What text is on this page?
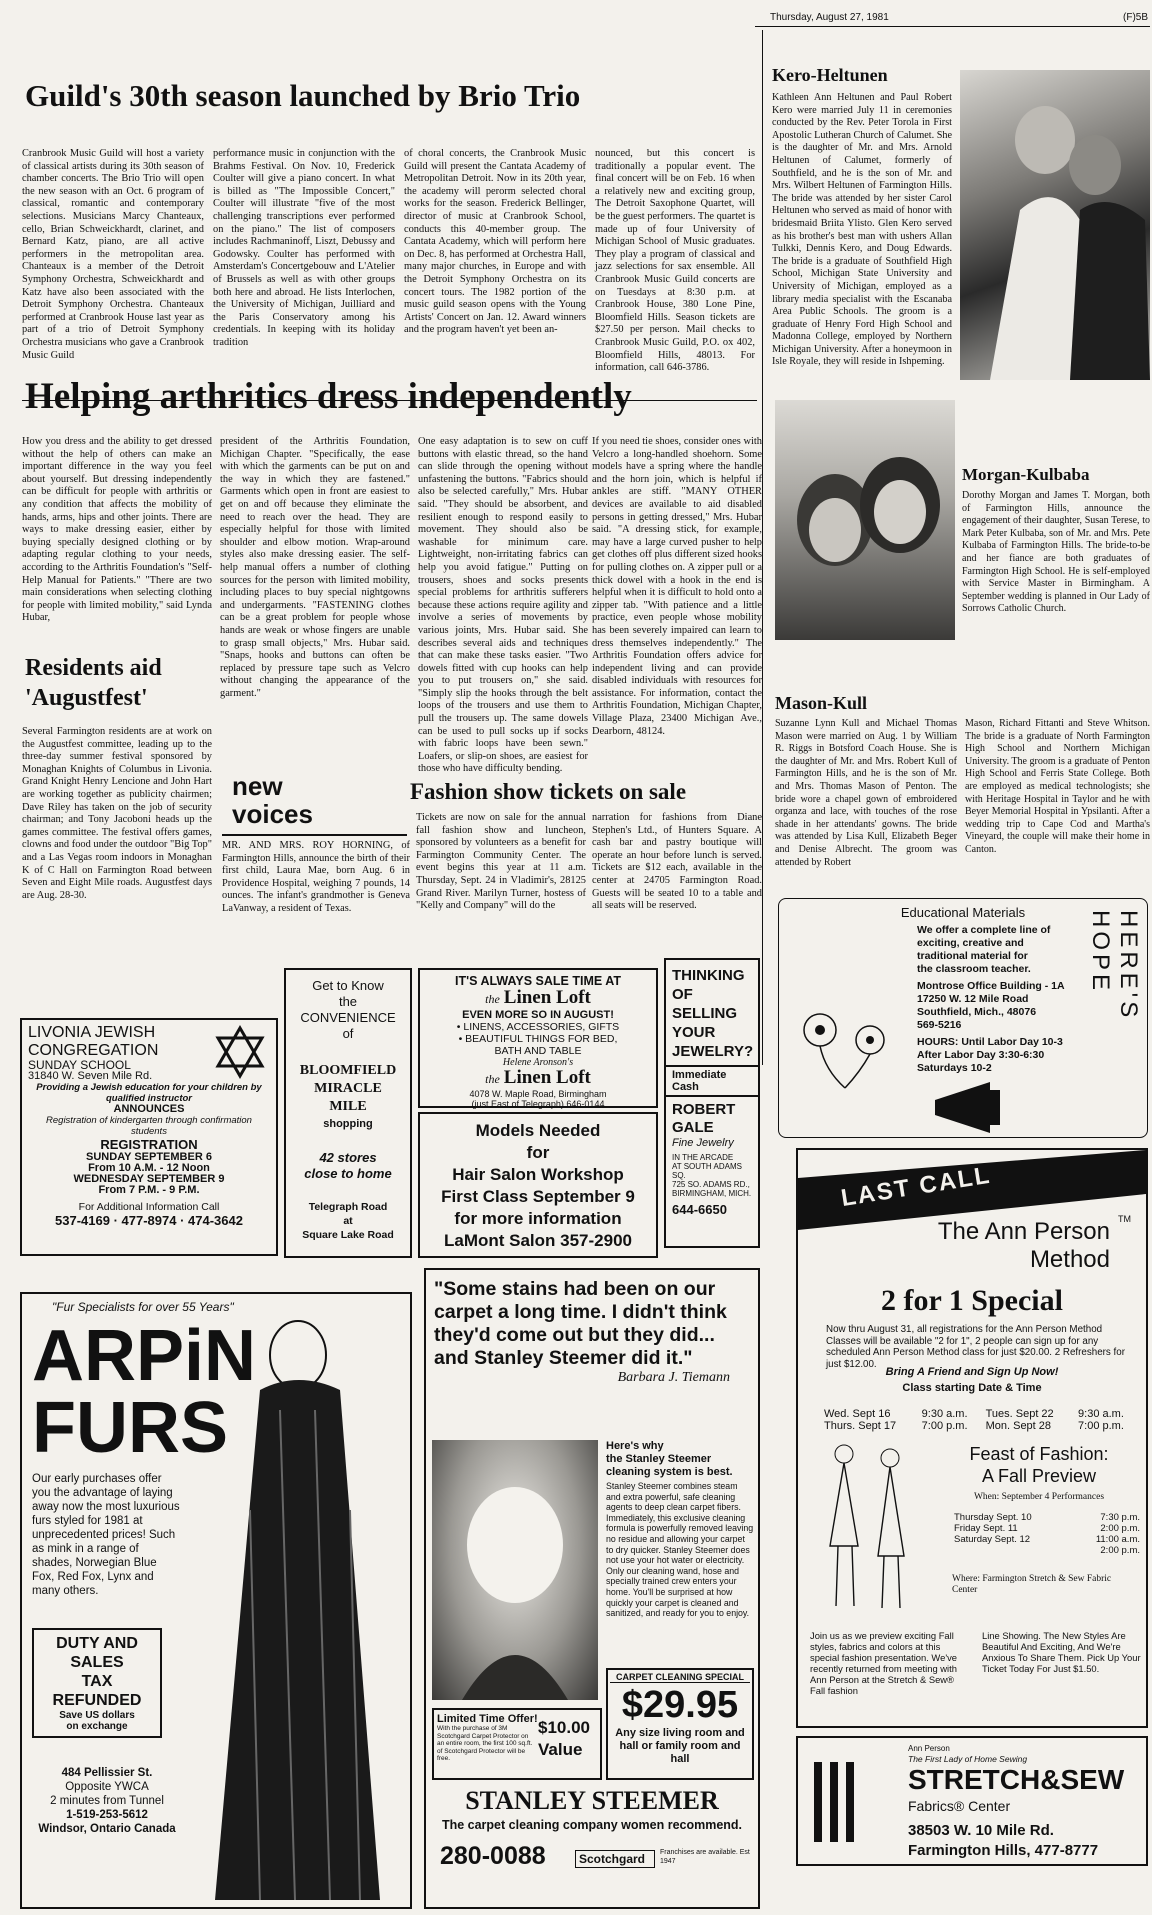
Thursday, August 27, 1981	(F)5B
Guild's 30th season launched by Brio Trio
Cranbrook Music Guild will host a variety of classical artists during its 30th season of chamber concerts. The Brio Trio will open the new season with an Oct. 6 program of classical, romantic and contemporary selections. Musicians Marcy Chanteaux, cello, Brian Schweickhardt, clarinet, and Bernard Katz, piano, are all active performers in the metropolitan area. Chanteaux is a member of the Detroit Symphony Orchestra, Schweickhardt and Katz have also been associated with the Detroit Symphony Orchestra. Chanteaux performed at Cranbrook House last year as part of a trio of Detroit Symphony Orchestra musicians who gave a Cranbrook Music Guild
performance music in conjunction with the Brahms Festival. On Nov. 10, Frederick Coulter will give a piano concert. In what is billed as "The Impossible Concert," Coulter will illustrate "five of the most challenging transcriptions ever performed on the piano." The list of composers includes Rachmaninoff, Liszt, Debussy and Godowsky. Coulter has performed with Amsterdam's Concertgebouw and L'Atelier of Brussels as well as with other groups both here and abroad. He lists Interlochen, the University of Michigan, Juilliard and the Paris Conservatory among his credentials. In keeping with its holiday tradition
of choral concerts, the Cranbrook Music Guild will present the Cantata Academy of Metropolitan Detroit. Now in its 20th year, the academy will perorm selected choral works for the season. Frederick Bellinger, director of music at Cranbrook School, conducts this 40-member group. The Cantata Academy, which will perform here on Dec. 8, has performed at Orchestra Hall, many major churches, in Europe and with the Detroit Symphony Orchestra on its concert tours. The 1982 portion of the music guild season opens with the Young Artists' Concert on Jan. 12. Award winners and the program haven't yet been an-
nounced, but this concert is traditionally a popular event. The final concert will be on Feb. 16 when a relatively new and exciting group, The Detroit Saxophone Quartet, will be the guest performers. The quartet is made up of four University of Michigan School of Music graduates. They play a program of classical and jazz selections for sax ensemble. All Cranbrook Music Guild concerts are on Tuesdays at 8:30 p.m. at Cranbrook House, 380 Lone Pine, Bloomfield Hills. Season tickets are $27.50 per person. Mail checks to Cranbrook Music Guild, P.O. ox 402, Bloomfield Hills, 48013. For information, call 646-3786.
Kero-Heltunen
Kathleen Ann Heltunen and Paul Robert Kero were married July 11 in ceremonies conducted by the Rev. Peter Torola in First Apostolic Lutheran Church of Calumet. She is the daughter of Mr. and Mrs. Arnold Heltunen of Calumet, formerly of Southfield, and he is the son of Mr. and Mrs. Wilbert Heltunen of Farmington Hills. The bride was attended by her sister Carol Heltunen who served as maid of honor with bridesmaid Briita Ylisto. Glen Kero served as his brother's best man with ushers Allan Tulkki, Dennis Kero, and Doug Edwards. The bride is a graduate of Southfield High School, Michigan State University and University of Michigan, employed as a library media specialist with the Escanaba Area Public Schools. The groom is a graduate of Henry Ford High School and Madonna College, employed by Northern Michigan University. After a honeymoon in Isle Royale, they will reside in Ishpeming.
Helping arthritics dress independently
How you dress and the ability to get dressed without the help of others can make an important difference in the way you feel about yourself. But dressing independently can be difficult for people with arthritis or any condition that affects the mobility of hands, arms, hips and other joints. There are ways to make dressing easier, either by buying specially designed clothing or by adapting regular clothing to your needs, according to the Arthritis Foundation's "Self-Help Manual for Patients." "There are two main considerations when selecting clothing for people with limited mobility," said Lynda Hubar,
president of the Arthritis Foundation, Michigan Chapter. "Specifically, the ease with which the garments can be put on and the way in which they are fastened." Garments which open in front are easiest to get on and off because they eliminate the need to reach over the head. They are especially helpful for those with limited shoulder and elbow motion. Wrap-around styles also make dressing easier. The self-help manual offers a number of clothing sources for the person with limited mobility, including places to buy special nightgowns and undergarments. "FASTENING clothes can be a great problem for people whose hands are weak or whose fingers are unable to grasp small objects," Mrs. Hubar said. "Snaps, hooks and buttons can often be replaced by pressure tape such as Velcro without changing the appearance of the garment."
One easy adaptation is to sew on cuff buttons with elastic thread, so the hand can slide through the opening without unfastening the buttons. "Fabrics should also be selected carefully," Mrs. Hubar said. "They should be absorbent, and resilient enough to respond easily to movement. They should also be washable for minimum care. Lightweight, non-irritating fabrics can help you avoid fatigue." Putting on trousers, shoes and socks presents special problems for arthritis sufferers because these actions require agility and involve a series of movements by various joints, Mrs. Hubar said. She describes several aids and techniques that can make these tasks easier. "Two dowels fitted with cup hooks can help you to put trousers on," she said. "Simply slip the hooks through the belt loops of the trousers and use them to pull the trousers up. The same dowels can be used to pull socks up if socks with fabric loops have been sewn." Loafers, or slip-on shoes, are easiest for those who have difficulty bending.
If you need tie shoes, consider ones with Velcro a long-handled shoehorn. Some models have a spring where the handle and the horn join, which is helpful if ankles are stiff. "MANY OTHER devices are available to aid disabled persons in getting dressed," Mrs. Hubar said. "A dressing stick, for example, may have a large curved pusher to help get clothes off plus different sized hooks for pulling clothes on. A zipper pull or a thick dowel with a hook in the end is helpful when it is difficult to hold onto a zipper tab. "With patience and a little practice, even people whose mobility has been severely impaired can learn to dress themselves independently." The Arthritis Foundation offers advice for independent living and can provide disabled individuals with resources for assistance. For information, contact the Arthritis Foundation, Michigan Chapter, Village Plaza, 23400 Michigan Ave., Dearborn, 48124.
Morgan-Kulbaba
Dorothy Morgan and James T. Morgan, both of Farmington Hills, announce the engagement of their daughter, Susan Terese, to Mark Peter Kulbaba, son of Mr. and Mrs. Pete Kulbaba of Farmington Hills. The bride-to-be and her fiance are both graduates of Farmington High School. He is self-employed with Service Master in Birmingham. A September wedding is planned in Our Lady of Sorrows Catholic Church.
Residents aid
'Augustfest'
Several Farmington residents are at work on the Augustfest committee, leading up to the three-day summer festival sponsored by Monaghan Knights of Columbus in Livonia. Grand Knight Henry Lencione and John Hart are working together as publicity chairmen; Dave Riley has taken on the job of security chairman; and Tony Jacoboni heads up the games committee. The festival offers games, clowns and food under the outdoor "Big Top" and a Las Vegas room indoors in Monaghan K of C Hall on Farmington Road between Seven and Eight Mile roads. Augustfest days are Aug. 28-30.
new
voices
MR. AND MRS. ROY HORNING, of Farmington Hills, announce the birth of their first child, Laura Mae, born Aug. 6 in Providence Hospital, weighing 7 pounds, 14 ounces. The infant's grandmother is Geneva LaVanway, a resident of Texas.
Fashion show tickets on sale
Tickets are now on sale for the annual fall fashion show and luncheon, sponsored by volunteers as a benefit for Farmington Community Center. The event begins this year at 11 a.m. Thursday, Sept. 24 in Vladimir's, 28125 Grand River. Marilyn Turner, hostess of "Kelly and Company" will do the
narration for fashions from Diane Stephen's Ltd., of Hunters Square. A cash bar and pastry boutique will operate an hour before lunch is served. Tickets are $12 each, available in the center at 24705 Farmington Road. Guests will be seated 10 to a table and all seats will be reserved.
Mason-Kull
Suzanne Lynn Kull and Michael Thomas Mason were married on Aug. 1 by William R. Riggs in Botsford Coach House. She is the daughter of Mr. and Mrs. Robert Kull of Farmington Hills, and he is the son of Mr. and Mrs. Thomas Mason of Penton. The bride wore a chapel gown of embroidered organza and lace, with touches of the rose shade in her attendants' gowns. The bride was attended by Lisa Kull, Elizabeth Beger and Denise Albrecht. The groom was attended by Robert
Mason, Richard Fittanti and Steve Whitson. The bride is a graduate of North Farmington High School and Northern Michigan University. The groom is a graduate of Penton High School and Ferris State College. Both are employed as medical technologists; she with Heritage Hospital in Taylor and he with Beyer Memorial Hospital in Ypsilanti. After a wedding trip to Cape Cod and Martha's Vineyard, the couple will make their home in Canton.
LIVONIA JEWISH
CONGREGATION
SUNDAY SCHOOL
31840 W. Seven Mile Rd.
Providing a Jewish education for your children by qualified instructor
ANNOUNCES
Registration of kindergarten through confirmation students
REGISTRATION
SUNDAY SEPTEMBER 6
From 10 A.M. - 12 Noon
WEDNESDAY SEPTEMBER 9
From 7 P.M. - 9 P.M.
For Additional Information Call
537-4169 · 477-8974 · 474-3642
Get to Know
the
CONVENIENCE
of
BLOOMFIELD
MIRACLE
MILE
shopping
42 stores
close to home
Telegraph Road
at
Square Lake Road
IT'S ALWAYS SALE TIME AT
the Linen Loft
EVEN MORE SO IN AUGUST!
• LINENS, ACCESSORIES, GIFTS
• BEAUTIFUL THINGS FOR BED,
BATH AND TABLE
Helene Aronson's
the Linen Loft
4078 W. Maple Road, Birmingham
(just East of Telegraph) 646-0144
THINKING
OF
SELLING
YOUR
JEWELRY?
Immediate Cash
ROBERT
GALE
Fine Jewelry
IN THE ARCADE
AT SOUTH ADAMS SQ.
725 SO. ADAMS RD.,
BIRMINGHAM, MICH.
644-6650
Models Needed
for
Hair Salon Workshop
First Class September 9
for more information
LaMont Salon 357-2900
Educational Materials
We offer a complete line of
exciting, creative and
traditional material for
the classroom teacher.
Montrose Office Building - 1A
17250 W. 12 Mile Road
Southfield, Mich., 48076
569-5216
HOURS: Until Labor Day 10-3
After Labor Day 3:30-6:30
Saturdays 10-2
HERE'S HOPE
"Fur Specialists for over 55 Years"
ARPiN
FURS
Our early purchases offer you the advantage of laying away now the most luxurious furs styled for 1981 at unprecedented prices! Such as mink in a range of shades, Norwegian Blue Fox, Red Fox, Lynx and many others.
DUTY AND
SALES
TAX
REFUNDED
Save US dollars
on exchange
484 Pellissier St.
Opposite YWCA
2 minutes from Tunnel
1-519-253-5612
Windsor, Ontario Canada
"Some stains had been on our carpet a long time. I didn't think they'd come out but they did... and Stanley Steemer did it."
Barbara J. Tiemann
Here's why
the Stanley Steemer
cleaning system is best.
Stanley Steemer combines steam and extra powerful, safe cleaning agents to deep clean carpet fibers. Immediately, this exclusive cleaning formula is powerfully removed leaving no residue and allowing your carpet to dry quicker. Stanley Steemer does not use your hot water or electricity. Only our cleaning wand, hose and specially trained crew enters your home. You'll be surprised at how quickly your carpet is cleaned and sanitized, and ready for you to enjoy.
CARPET CLEANING SPECIAL
$29.95
Any size living room and hall or family room and hall
Limited Time Offer!
With the purchase of 3M Scotchgard Carpet Protector on an entire room, the first 100 sq.ft. of Scotchgard Protector will be free.
$10.00
Value
STANLEY STEEMER
The carpet cleaning company women recommend.
280-0088	Scotchgard	Franchises are available. Est 1947
LAST CALL
The Ann Person TM
Method
2 for 1 Special
Now thru August 31, all registrations for the Ann Person Method Classes will be available "2 for 1", 2 people can sign up for any scheduled Ann Person Method class for just $20.00. 2 Refreshers for just $12.00.
Bring A Friend and Sign Up Now!
Class starting Date & Time
Wed. Sept 16	9:30 a.m.	Tues. Sept 22	9:30 a.m.
Thurs. Sept 17	7:00 p.m.	Mon. Sept 28	7:00 p.m.
Feast of Fashion:
A Fall Preview
When: September 4 Performances
Thursday Sept. 10	7:30 p.m.
Friday Sept. 11	2:00 p.m.
Saturday Sept. 12	11:00 a.m.
	2:00 p.m.
Where: Farmington Stretch & Sew Fabric Center
Join us as we preview exciting Fall styles, fabrics and colors at this special fashion presentation. We've recently returned from meeting with Ann Person at the Stretch & Sew® Fall fashion
Line Showing. The New Styles Are Beautiful And Exciting, And We're Anxious To Share Them. Pick Up Your Ticket Today For Just $1.50.
Ann Person
The First Lady of Home Sewing
STRETCH&SEW
Fabrics® Center
38503 W. 10 Mile Rd.
Farmington Hills, 477-8777
